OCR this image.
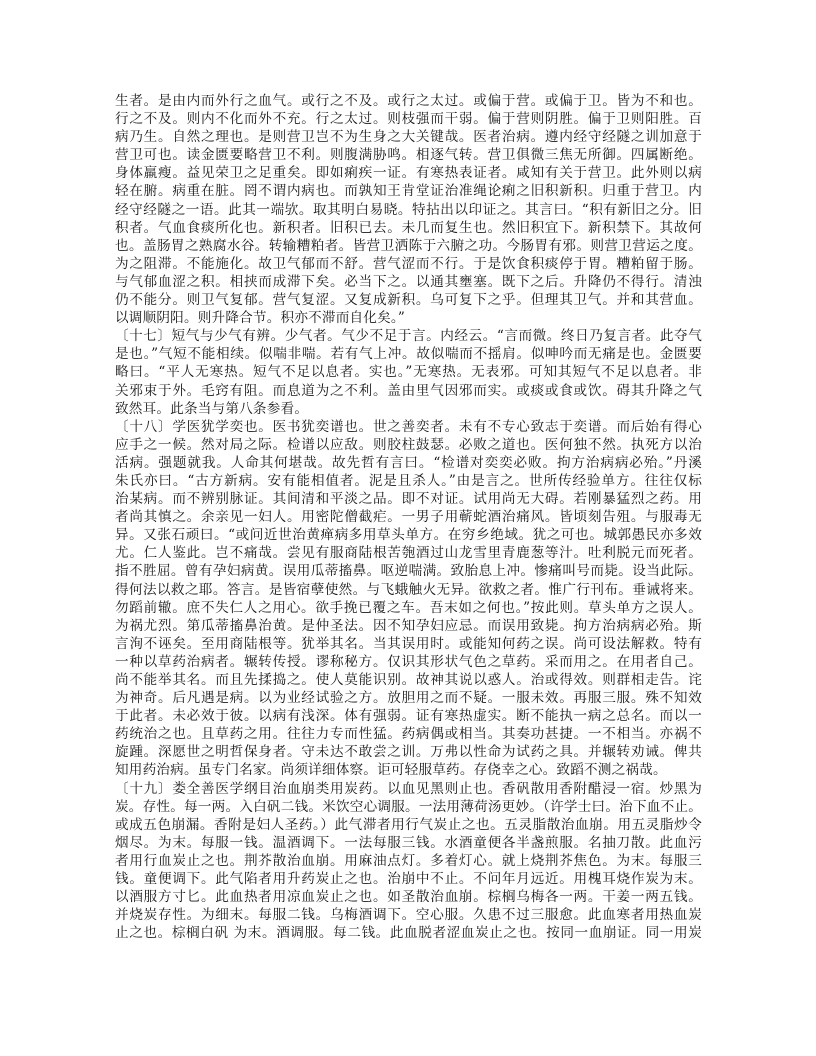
生者。是由内而外行之血气。或行之不及。或行之太过。或偏于营。或偏于卫。皆为不和也。
行之不及。则内不化而外不充。行之太过。则枝强而干弱。偏于营则阴胜。偏于卫则阳胜。百
病乃生。自然之理也。是则营卫岂不为生身之大关键哉。医者治病。遵内经守经隧之训加意于
营卫可也。读金匮要略营卫不利。则腹满胁鸣。相逐气转。营卫俱微三焦无所御。四属断绝。
身体羸瘦。益见荣卫之足重矣。即如痢疾一证。有寒热表证者。咸知有关于营卫。此外则以病
轻在腑。病重在脏。罔不谓内病也。而孰知王肯堂证治准绳论痢之旧积新积。归重于营卫。内
经守经隧之一语。此其一端欤。取其明白易晓。特拈出以印证之。其言曰。“积有新旧之分。旧
积者。气血食痰所化也。新积者。旧积已去。未几而复生也。然旧积宜下。新积禁下。其故何
也。盖肠胃之熟腐水谷。转输糟粕者。皆营卫洒陈于六腑之功。今肠胃有邪。则营卫营运之度。
为之阻滞。不能施化。故卫气郁而不舒。营气涩而不行。于是饮食积痰停于胃。糟粕留于肠。
与气郁血涩之积。相挟而成滞下矣。必当下之。以通其壅塞。既下之后。升降仍不得行。清浊
仍不能分。则卫气复郁。营气复涩。又复成新积。乌可复下之乎。但理其卫气。并和其营血。
以调顺阴阳。则升降合节。积亦不滞而自化矣。”
〔十七〕短气与少气有辨。少气者。气少不足于言。内经云。“言而微。终日乃复言者。此夺气
是也。”气短不能相续。似喘非喘。若有气上冲。故似喘而不摇肩。似呻吟而无痛是也。金匮要
略曰。“平人无寒热。短气不足以息者。实也。”无寒热。无表邪。可知其短气不足以息者。非
关邪束于外。毛窍有阻。而息道为之不利。盖由里气因邪而实。或痰或食或饮。碍其升降之气
致然耳。此条当与第八条参看。
〔十八〕学医犹学奕也。医书犹奕谱也。世之善奕者。未有不专心致志于奕谱。而后始有得心
应手之一候。然对局之际。检谱以应敌。则胶柱鼓瑟。必败之道也。医何独不然。执死方以治
活病。强题就我。人命其何堪哉。故先哲有言曰。“检谱对奕奕必败。拘方治病病必殆。”丹溪
朱氏亦曰。“古方新病。安有能相值者。泥是且杀人。”由是言之。世所传经验单方。往往仅标
治某病。而不辨别脉证。其间清和平淡之品。即不对证。试用尚无大碍。若刚暴猛烈之药。用
者尚其慎之。余亲见一妇人。用密陀僧截疟。一男子用蕲蛇酒治痛风。皆顷刻告殂。与服毒无
异。又张石顽曰。“或问近世治黄瘅病多用草头单方。在穷乡绝域。犹之可也。城郭愚民亦多效
尤。仁人鉴此。岂不痛哉。尝见有服商陆根苦匏酒过山龙雪里青鹿葱等汁。吐利脱元而死者。
指不胜屈。曾有孕妇病黄。误用瓜蒂搐鼻。呕逆喘满。致胎息上冲。惨痛叫号而毙。设当此际。
得何法以救之耶。答言。是皆宿孽使然。与飞蛾触火无异。欲救之者。惟广行刊布。垂诫将来。
勿蹈前辙。庶不失仁人之用心。欲手挽已覆之车。吾末如之何也。”按此则。草头单方之误人。
为祸尤烈。第瓜蒂搐鼻治黄。是仲圣法。因不知孕妇应忌。而误用致毙。拘方治病病必殆。斯
言洵不诬矣。至用商陆根等。犹举其名。当其误用时。或能知何药之误。尚可设法解救。特有
一种以草药治病者。辗转传授。谬称秘方。仅识其形状气色之草药。采而用之。在用者自己。
尚不能举其名。而且先揉捣之。使人莫能识别。故神其说以惑人。治或得效。则群相走告。诧
为神奇。后凡遇是病。以为业经试验之方。放胆用之而不疑。一服未效。再服三服。殊不知效
于此者。未必效于彼。以病有浅深。体有强弱。证有寒热虚实。断不能执一病之总名。而以一
药统治之也。且草药之用。往往力专而性猛。药病偶或相当。其奏功甚捷。一不相当。亦祸不
旋踵。深愿世之明哲保身者。守未达不敢尝之训。万弗以性命为试药之具。并辗转劝诫。俾共
知用药治病。虽专门名家。尚须详细体察。讵可轻服草药。存侥幸之心。致蹈不测之祸哉。
〔十九〕娄全善医学纲目治血崩类用炭药。以血见黑则止也。香矾散用香附醋浸一宿。炒黑为
炭。存性。每一两。入白矾二钱。米饮空心调服。一法用薄荷汤更妙。（许学士曰。治下血不止。
或成五色崩漏。香附是妇人圣药。）此气滞者用行气炭止之也。五灵脂散治血崩。用五灵脂炒令
烟尽。为末。每服一钱。温酒调下。一法每服三钱。水酒童便各半盏煎服。名抽刀散。此血污
者用行血炭止之也。荆芥散治血崩。用麻油点灯。多着灯心。就上烧荆芥焦色。为末。每服三
钱。童便调下。此气陷者用升药炭止之也。治崩中不止。不问年月远近。用槐耳烧作炭为末。
以酒服方寸匕。此血热者用凉血炭止之也。如圣散治血崩。棕榈乌梅各一两。干姜一两五钱。
并烧炭存性。为细末。每服二钱。乌梅酒调下。空心服。久患不过三服愈。此血寒者用热血炭
止之也。棕榈白矾 为末。酒调服。每二钱。此血脱者涩血炭止之也。按同一血崩证。同一用炭
